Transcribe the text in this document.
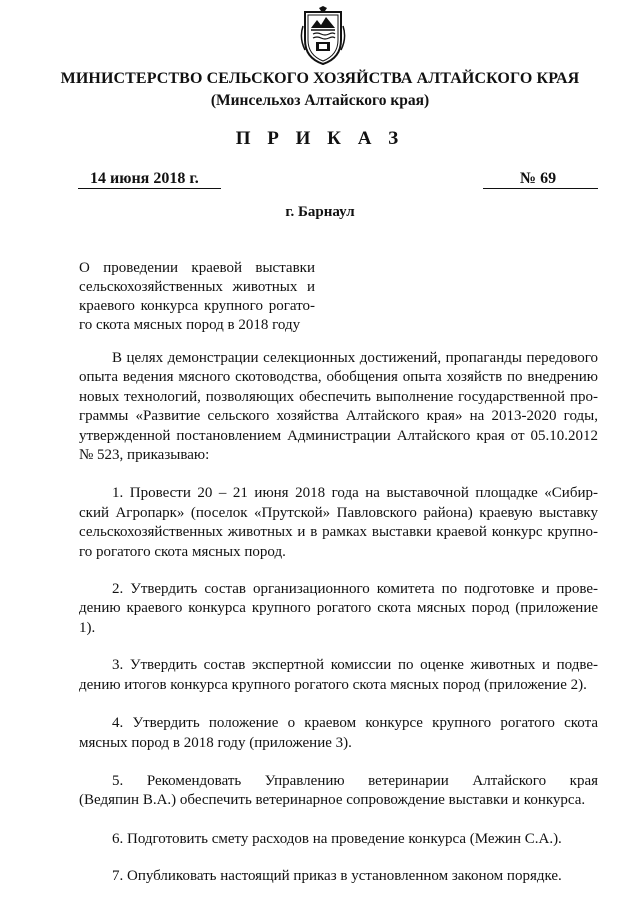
МИНИСТЕРСТВО СЕЛЬСКОГО ХОЗЯЙСТВА АЛТАЙСКОГО КРАЯ
(Минсельхоз Алтайского края)
П Р И К А З
14 июня 2018 г.	№ 69
г. Барнаул
О проведении краевой выставки
сельскохозяйственных животных и
краевого конкурса крупного рогато-
го скота мясных пород в 2018 году
В целях демонстрации селекционных достижений, пропаганды передового
опыта ведения мясного скотоводства, обобщения опыта хозяйств по внедрению
новых технологий, позволяющих обеспечить выполнение государственной про-
граммы «Развитие сельского хозяйства Алтайского края» на 2013-2020 годы,
утвержденной постановлением Администрации Алтайского края от 05.10.2012
№ 523, приказываю:
1. Провести 20 – 21 июня 2018 года на выставочной площадке «Сибир-
ский Агропарк» (поселок «Прутской» Павловского района) краевую выставку
сельскохозяйственных животных и в рамках выставки краевой конкурс крупно-
го рогатого скота мясных пород.
2. Утвердить состав организационного комитета по подготовке и прове-
дению краевого конкурса крупного рогатого скота мясных пород (приложение
1).
3. Утвердить состав экспертной комиссии по оценке животных и подве-
дению итогов конкурса крупного рогатого скота мясных пород (приложение 2).
4. Утвердить положение о краевом конкурсе крупного рогатого скота
мясных пород в 2018 году (приложение 3).
5. Рекомендовать Управлению ветеринарии Алтайского края
(Ведяпин В.А.) обеспечить ветеринарное сопровождение выставки и конкурса.
6. Подготовить смету расходов на проведение конкурса (Межин С.А.).
7. Опубликовать настоящий приказ в установленном законом порядке.
